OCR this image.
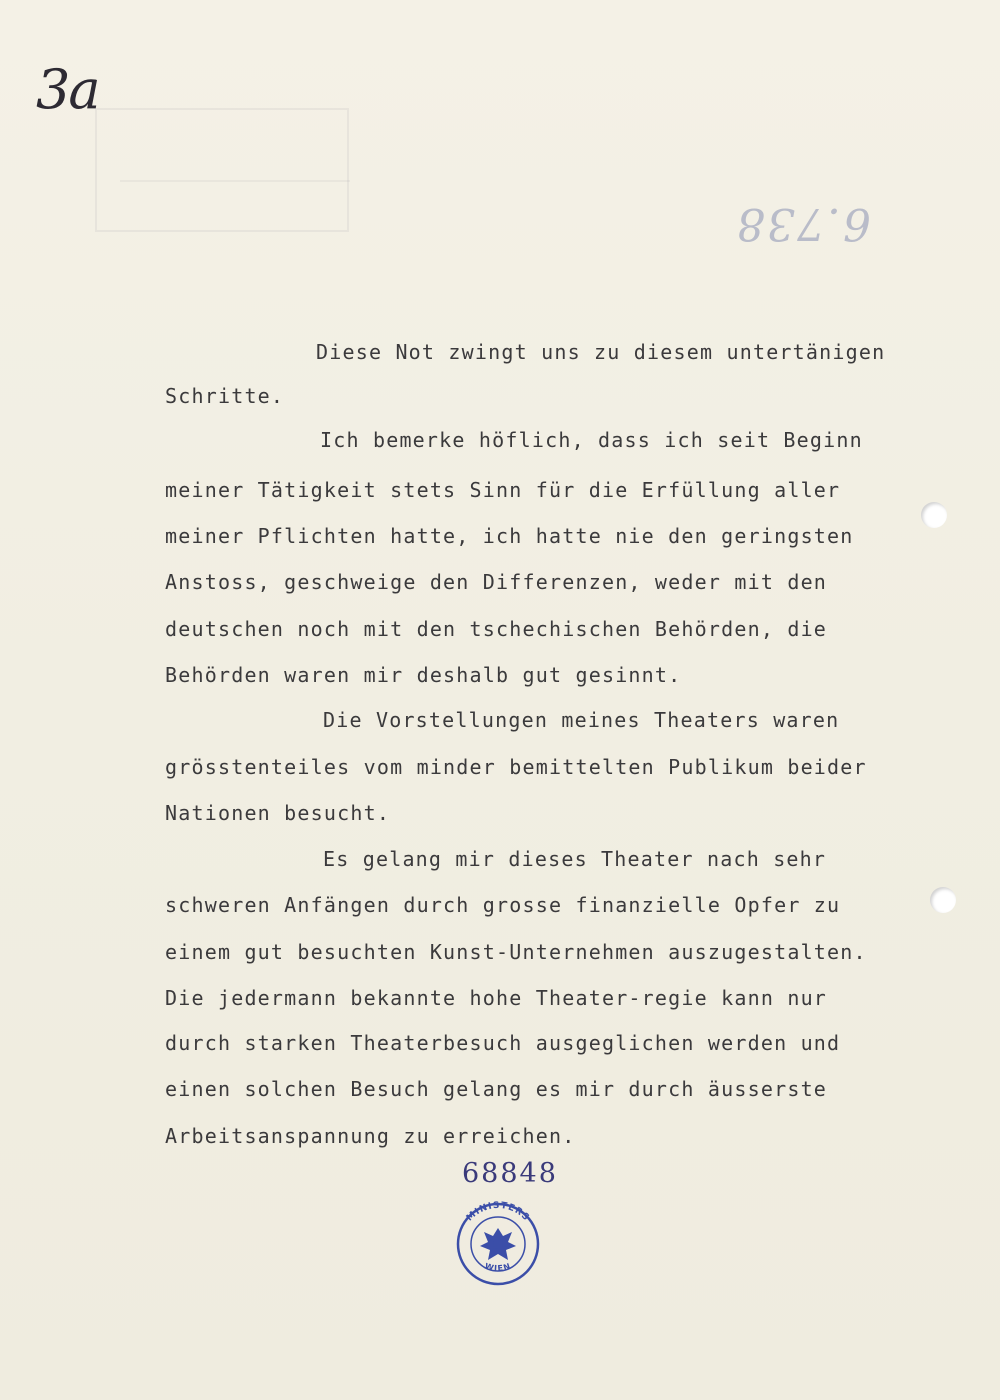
3a
6.738

Diese Not zwingt uns zu diesem untertänigen

Schritte.

Ich bemerke höflich, dass ich seit Beginn

meiner Tätigkeit stets Sinn für die Erfüllung aller

meiner Pflichten hatte, ich hatte nie den geringsten

Anstoss, geschweige den Differenzen, weder mit den

deutschen noch mit den tschechischen Behörden, die

Behörden waren mir deshalb gut gesinnt.

Die Vorstellungen meines Theaters waren

grösstenteiles vom minder bemittelten Publikum beider

Nationen besucht.

Es gelang mir dieses Theater nach sehr

schweren Anfängen durch grosse finanzielle Opfer zu

einem gut besuchten Kunst-Unternehmen auszugestalten.

Die jedermann bekannte hohe Theater-regie kann nur

durch starken Theaterbesuch ausgeglichen werden und

einen solchen Besuch gelang es mir durch äusserste

Arbeitsanspannung zu erreichen.

68848
MINISTERS
WIEN
